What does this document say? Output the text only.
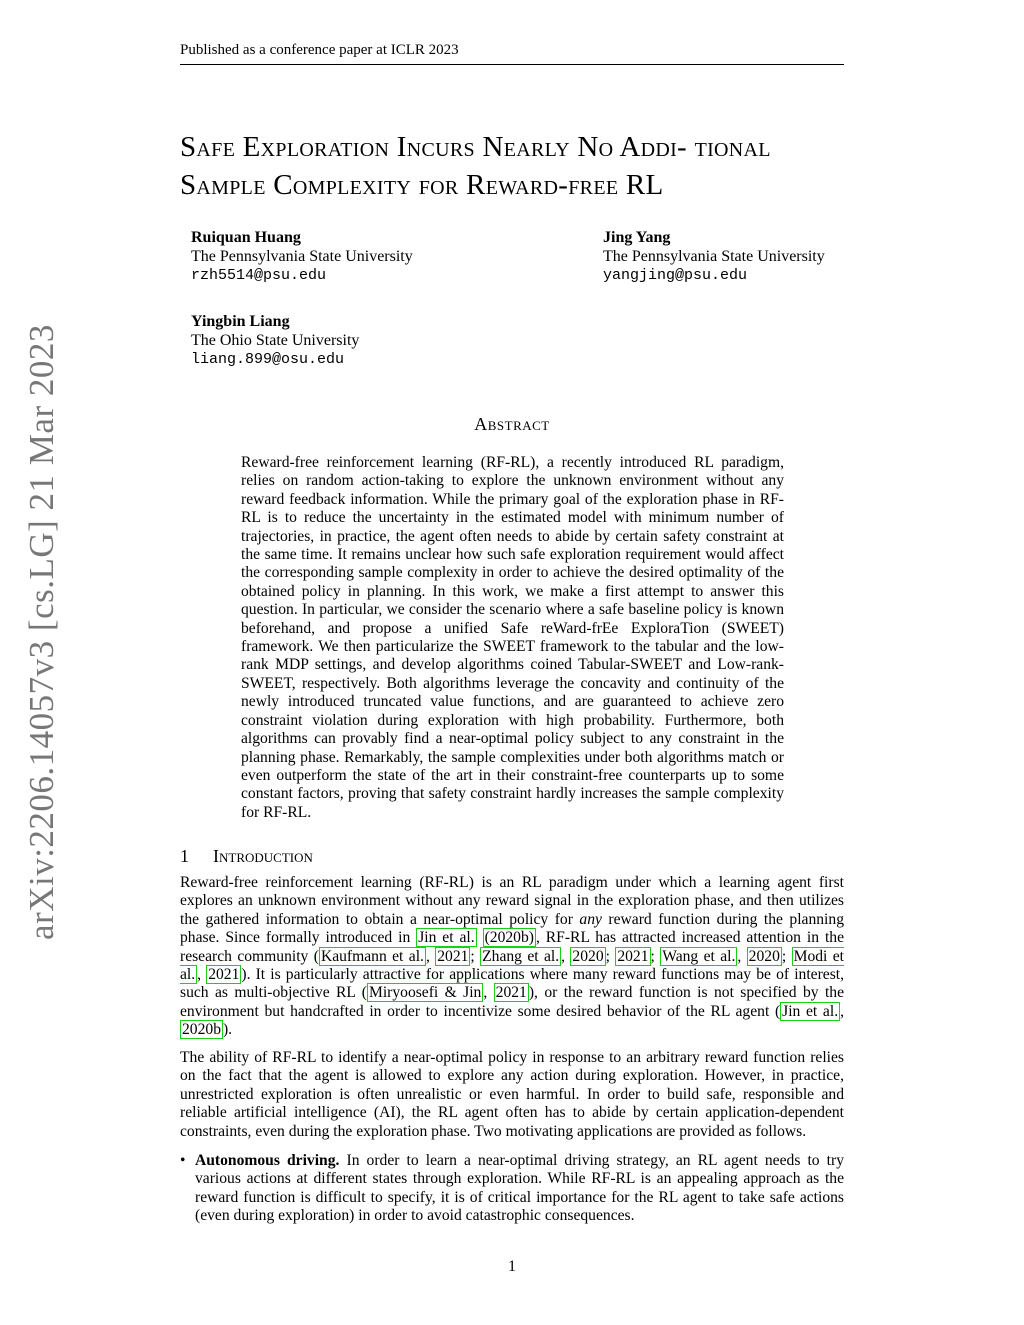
Published as a conference paper at ICLR 2023
arXiv:2206.14057v3 [cs.LG] 21 Mar 2023
Safe Exploration Incurs Nearly No Addi- tional Sample Complexity for Reward-free RL
Ruiquan Huang
The Pennsylvania State University
rzh5514@psu.edu
Jing Yang
The Pennsylvania State University
yangjing@psu.edu
Yingbin Liang
The Ohio State University
liang.899@osu.edu
Abstract
Reward-free reinforcement learning (RF-RL), a recently introduced RL paradigm, relies on random action-taking to explore the unknown environment without any reward feedback information. While the primary goal of the exploration phase in RF-RL is to reduce the uncertainty in the estimated model with minimum number of trajectories, in practice, the agent often needs to abide by certain safety constraint at the same time. It remains unclear how such safe exploration requirement would affect the corresponding sample complexity in order to achieve the desired optimality of the obtained policy in planning. In this work, we make a first attempt to answer this question. In particular, we consider the scenario where a safe baseline policy is known beforehand, and propose a unified Safe reWard-frEe ExploraTion (SWEET) framework. We then particularize the SWEET framework to the tabular and the low-rank MDP settings, and develop algorithms coined Tabular-SWEET and Low-rank-SWEET, respectively. Both algorithms leverage the concavity and continuity of the newly introduced truncated value functions, and are guaranteed to achieve zero constraint violation during exploration with high probability. Furthermore, both algorithms can provably find a near-optimal policy subject to any constraint in the planning phase. Remarkably, the sample complexities under both algorithms match or even outperform the state of the art in their constraint-free counterparts up to some constant factors, proving that safety constraint hardly increases the sample complexity for RF-RL.
1 Introduction
Reward-free reinforcement learning (RF-RL) is an RL paradigm under which a learning agent first explores an unknown environment without any reward signal in the exploration phase, and then utilizes the gathered information to obtain a near-optimal policy for any reward function during the planning phase. Since formally introduced in Jin et al. (2020b) , RF-RL has attracted increased attention in the research community ( Kaufmann et al. , 2021 ; Zhang et al. , 2020 ; 2021 ; Wang et al. , 2020 ; Modi et al. , 2021 ). It is particularly attractive for applications where many reward functions may be of interest, such as multi-objective RL ( Miryoosefi & Jin , 2021 ), or the reward function is not specified by the environment but handcrafted in order to incentivize some desired behavior of the RL agent ( Jin et al. , 2020b ).
The ability of RF-RL to identify a near-optimal policy in response to an arbitrary reward function relies on the fact that the agent is allowed to explore any action during exploration. However, in practice, unrestricted exploration is often unrealistic or even harmful. In order to build safe, responsible and reliable artificial intelligence (AI), the RL agent often has to abide by certain application-dependent constraints, even during the exploration phase. Two motivating applications are provided as follows.
• Autonomous driving. In order to learn a near-optimal driving strategy, an RL agent needs to try various actions at different states through exploration. While RF-RL is an appealing approach as the reward function is difficult to specify, it is of critical importance for the RL agent to take safe actions (even during exploration) in order to avoid catastrophic consequences.
1
